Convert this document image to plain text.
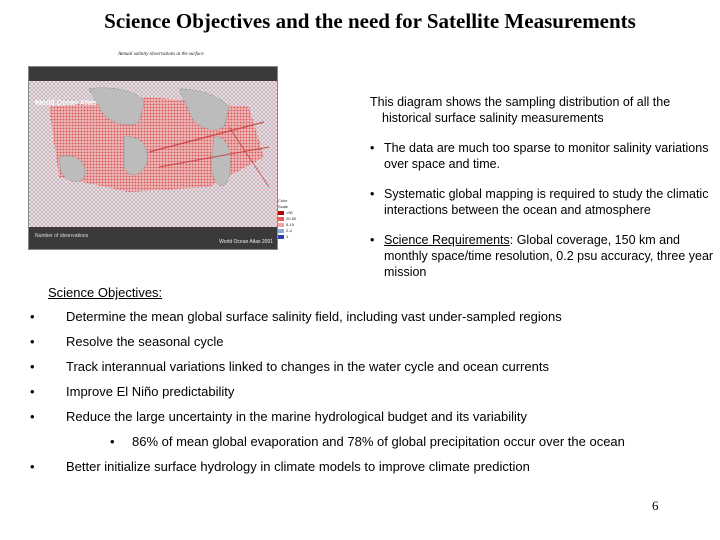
Science Objectives and the need for Satellite Measurements
Annual salinity observations at the surface
World Ocean Atlas
Number of observations
World Ocean Atlas 2001
Color Scale
>50
20-50
5-19
2-4
1

This diagram shows the sampling distribution of all the historical surface salinity measurements

• The data are much too sparse to monitor salinity variations over space and time.

• Systematic global mapping is required to study the climatic interactions between the ocean and atmosphere

• Science Requirements: Global coverage, 150 km and monthly space/time resolution, 0.2 psu accuracy, three year mission

Science Objectives:
• Determine the mean global surface salinity field, including vast under-sampled regions
• Resolve the seasonal cycle
• Track interannual variations linked to changes in the water cycle and ocean currents
• Improve El Niño predictability
• Reduce the large uncertainty in the marine hydrological budget and its variability
• 86% of mean global evaporation and 78% of global precipitation occur over the ocean
• Better initialize surface hydrology in climate models to improve climate prediction
6
